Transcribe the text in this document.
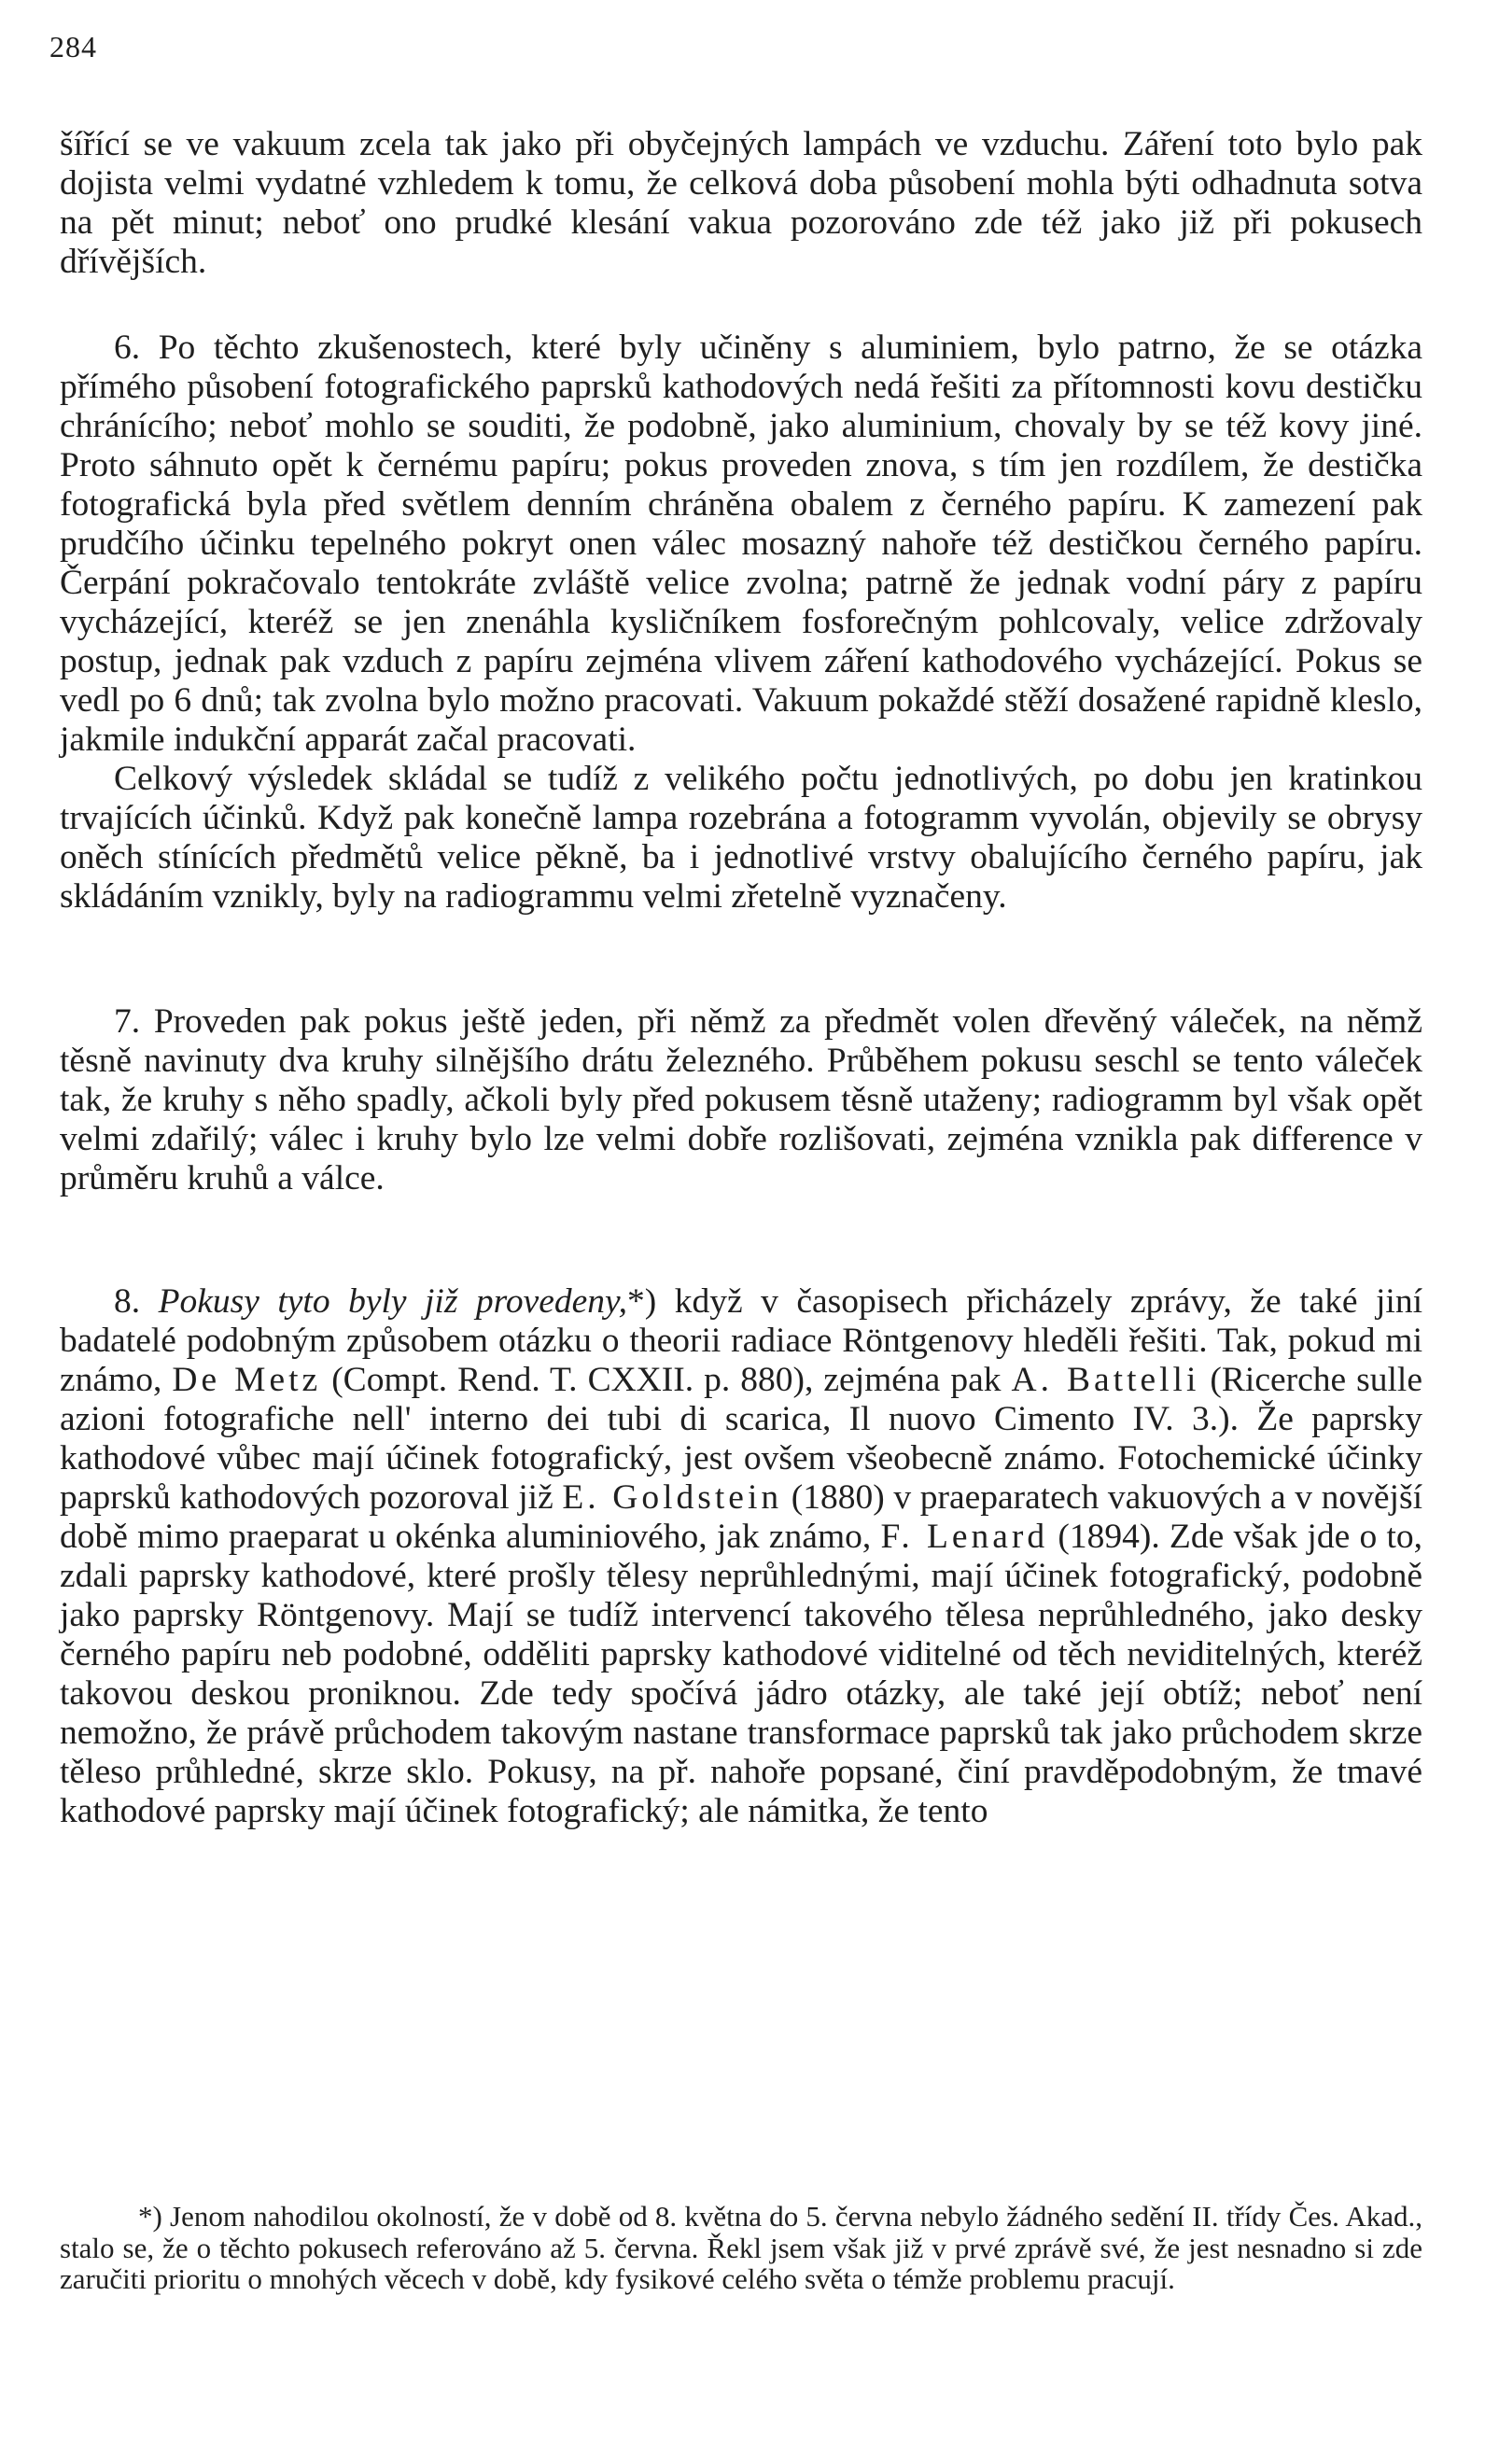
284

šířící se ve vakuum zcela tak jako při obyčejných lampách ve vzduchu. Záření toto bylo pak dojista velmi vydatné vzhledem k tomu, že celková doba působení mohla býti odhadnuta sotva na pět minut; neboť ono prudké klesání vakua pozorováno zde též jako již při pokusech dřívějších.

6. Po těchto zkušenostech, které byly učiněny s aluminiem, bylo patrno, že se otázka přímého působení fotografického paprsků kathodových nedá řešiti za přítomnosti kovu destičku chránícího; neboť mohlo se souditi, že podobně, jako aluminium, chovaly by se též kovy jiné. Proto sáhnuto opět k černému papíru; pokus proveden znova, s tím jen rozdílem, že destička fotografická byla před světlem denním chráněna obalem z černého papíru. K zamezení pak prudčího účinku tepelného pokryt onen válec mosazný nahoře též destičkou černého papíru. Čerpání pokračovalo tentokráte zvláště velice zvolna; patrně že jednak vodní páry z papíru vycházející, kteréž se jen znenáhla kysličníkem fosforečným pohlcovaly, velice zdržovaly postup, jednak pak vzduch z papíru zejména vlivem záření kathodového vycházející. Pokus se vedl po 6 dnů; tak zvolna bylo možno pracovati. Vakuum pokaždé stěží dosažené rapidně kleslo, jakmile indukční apparát začal pracovati.

Celkový výsledek skládal se tudíž z velikého počtu jednotlivých, po dobu jen kratinkou trvajících účinků. Když pak konečně lampa rozebrána a fotogramm vyvolán, objevily se obrysy oněch stínících předmětů velice pěkně, ba i jednotlivé vrstvy obalujícího černého papíru, jak skládáním vznikly, byly na radiogrammu velmi zřetelně vyznačeny.

7. Proveden pak pokus ještě jeden, při němž za předmět volen dřevěný váleček, na němž těsně navinuty dva kruhy silnějšího drátu železného. Průběhem pokusu seschl se tento váleček tak, že kruhy s něho spadly, ačkoli byly před pokusem těsně utaženy; radiogramm byl však opět velmi zdařilý; válec i kruhy bylo lze velmi dobře rozlišovati, zejména vznikla pak difference v průměru kruhů a válce.

8. Pokusy tyto byly již provedeny,*) když v časopisech přicházely zprávy, že také jiní badatelé podobným způsobem otázku o theorii radiace Röntgenovy hleděli řešiti. Tak, pokud mi známo, De Metz (Compt. Rend. T. CXXII. p. 880), zejména pak A. Battelli (Ricerche sulle azioni fotografiche nell' interno dei tubi di scarica, Il nuovo Cimento IV. 3.). Že paprsky kathodové vůbec mají účinek fotografický, jest ovšem všeobecně známo. Fotochemické účinky paprsků kathodových pozoroval již E. Goldstein (1880) v praeparatech vakuových a v novější době mimo praeparat u okénka aluminiového, jak známo, F. Lenard (1894). Zde však jde o to, zdali paprsky kathodové, které prošly tělesy neprůhlednými, mají účinek fotografický, podobně jako paprsky Röntgenovy. Mají se tudíž intervencí takového tělesa neprůhledného, jako desky černého papíru neb podobné, odděliti paprsky kathodové viditelné od těch neviditelných, kteréž takovou deskou proniknou. Zde tedy spočívá jádro otázky, ale také její obtíž; neboť není nemožno, že právě průchodem takovým nastane transformace paprsků tak jako průchodem skrze těleso průhledné, skrze sklo. Pokusy, na př. nahoře popsané, činí pravděpodobným, že tmavé kathodové paprsky mají účinek fotografický; ale námitka, že tento

*) Jenom nahodilou okolností, že v době od 8. května do 5. června nebylo žádného sedění II. třídy Čes. Akad., stalo se, že o těchto pokusech referováno až 5. června. Řekl jsem však již v prvé zprávě své, že jest nesnadno si zde zaručiti prioritu o mnohých věcech v době, kdy fysikové celého světa o témže problemu pracují.
